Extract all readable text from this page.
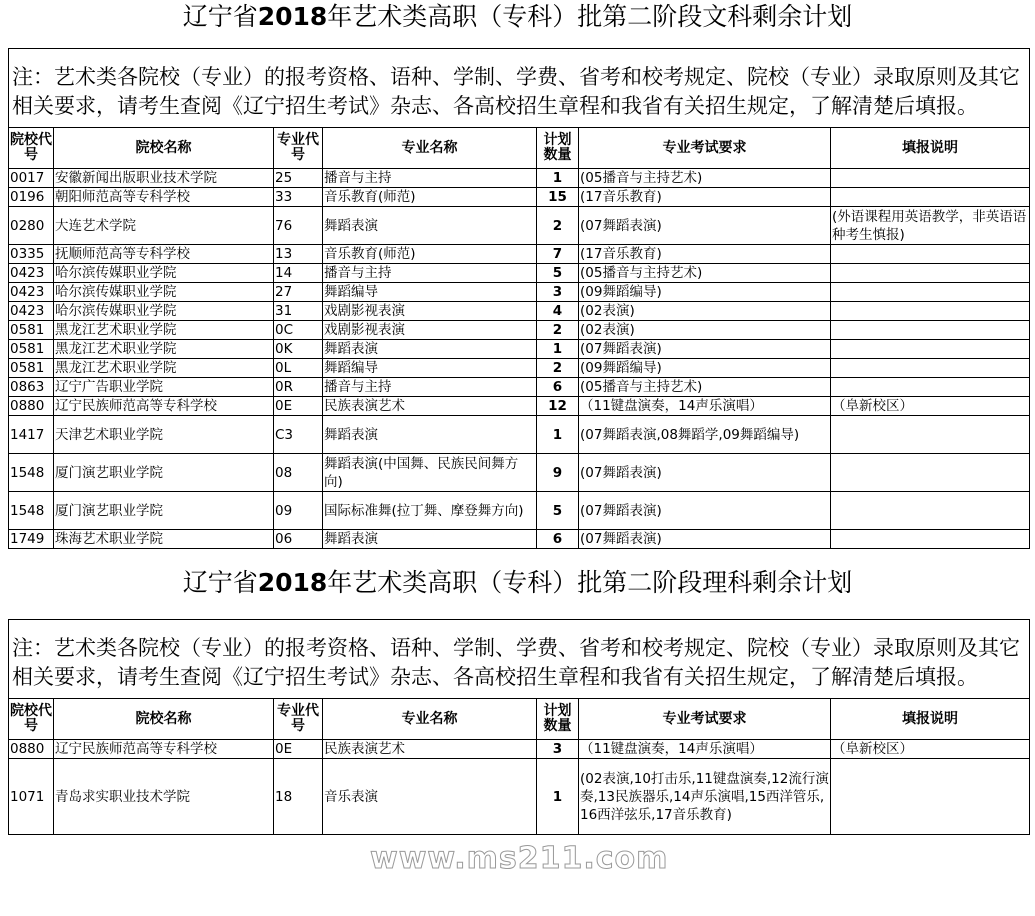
辽宁省2018年艺术类高职（专科）批第二阶段文科剩余计划

注：艺术类各院校（专业）的报考资格、语种、学制、学费、省考和校考规定、院校（专业）录取原则及其它相关要求，请考生查阅《辽宁招生考试》杂志、各高校招生章程和我省有关招生规定，了解清楚后填报。						
院校代号	院校名称	专业代号	专业名称	计划数量	专业考试要求	填报说明
0017	安徽新闻出版职业技术学院	25	播音与主持	1	(05播音与主持艺术)	
0196	朝阳师范高等专科学校	33	音乐教育(师范)	15	(17音乐教育)	
0280	大连艺术学院	76	舞蹈表演	2	(07舞蹈表演)	(外语课程用英语教学，非英语语种考生慎报)
0335	抚顺师范高等专科学校	13	音乐教育(师范)	7	(17音乐教育)	
0423	哈尔滨传媒职业学院	14	播音与主持	5	(05播音与主持艺术)	
0423	哈尔滨传媒职业学院	27	舞蹈编导	3	(09舞蹈编导)	
0423	哈尔滨传媒职业学院	31	戏剧影视表演	4	(02表演)	
0581	黑龙江艺术职业学院	0C	戏剧影视表演	2	(02表演)	
0581	黑龙江艺术职业学院	0K	舞蹈表演	1	(07舞蹈表演)	
0581	黑龙江艺术职业学院	0L	舞蹈编导	2	(09舞蹈编导)	
0863	辽宁广告职业学院	0R	播音与主持	6	(05播音与主持艺术)	
0880	辽宁民族师范高等专科学校	0E	民族表演艺术	12	（11键盘演奏，14声乐演唱）	（阜新校区）
1417	天津艺术职业学院	C3	舞蹈表演	1	(07舞蹈表演,08舞蹈学,09舞蹈编导)	
1548	厦门演艺职业学院	08	舞蹈表演(中国舞、民族民间舞方向)	9	(07舞蹈表演)	
1548	厦门演艺职业学院	09	国际标准舞(拉丁舞、摩登舞方向)	5	(07舞蹈表演)	
1749	珠海艺术职业学院	06	舞蹈表演	6	(07舞蹈表演)	
辽宁省2018年艺术类高职（专科）批第二阶段理科剩余计划

注：艺术类各院校（专业）的报考资格、语种、学制、学费、省考和校考规定、院校（专业）录取原则及其它相关要求，请考生查阅《辽宁招生考试》杂志、各高校招生章程和我省有关招生规定，了解清楚后填报。						
院校代号	院校名称	专业代号	专业名称	计划数量	专业考试要求	填报说明
0880	辽宁民族师范高等专科学校	0E	民族表演艺术	3	（11键盘演奏，14声乐演唱）	（阜新校区）
1071	青岛求实职业技术学院	18	音乐表演	1	(02表演,10打击乐,11键盘演奏,12流行演奏,13民族器乐,14声乐演唱,15西洋管乐,16西洋弦乐,17音乐教育)	
www.ms211.com
